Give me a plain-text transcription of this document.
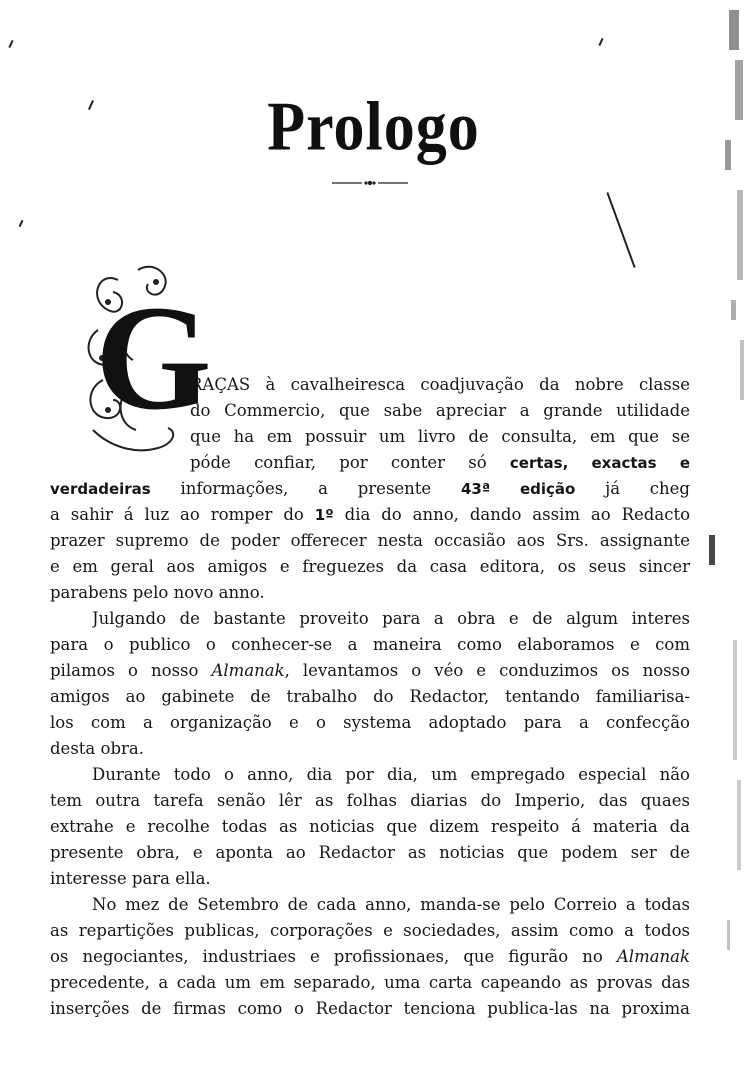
Prologo
G
RAÇAS à cavalheiresca coadjuvação da nobre classe
do Commercio, que sabe apreciar a grande utilidade
que ha em possuir um livro de consulta, em que se
póde confiar, por conter só certas, exactas e
verdadeiras informações, a presente 43ª edição já cheg
a sahir á luz ao romper do 1º dia do anno, dando assim ao Redacto
prazer supremo de poder offerecer nesta occasião aos Srs. assignante
e em geral aos amigos e freguezes da casa editora, os seus sincer
parabens pelo novo anno.
Julgando de bastante proveito para a obra e de algum interes
para o publico o conhecer-se a maneira como elaboramos e com
pilamos o nosso Almanak, levantamos o véo e conduzimos os nosso
amigos ao gabinete de trabalho do Redactor, tentando familiarisa-
los com a organização e o systema adoptado para a confecção
desta obra.
Durante todo o anno, dia por dia, um empregado especial não
tem outra tarefa senão lêr as folhas diarias do Imperio, das quaes
extrahe e recolhe todas as noticias que dizem respeito á materia da
presente obra, e aponta ao Redactor as noticias que podem ser de
interesse para ella.
No mez de Setembro de cada anno, manda-se pelo Correio a todas
as repartições publicas, corporações e sociedades, assim como a todos
os negociantes, industriaes e profissionaes, que figurão no Almanak
precedente, a cada um em separado, uma carta capeando as provas das
inserções de firmas como o Redactor tenciona publica-las na proxima
